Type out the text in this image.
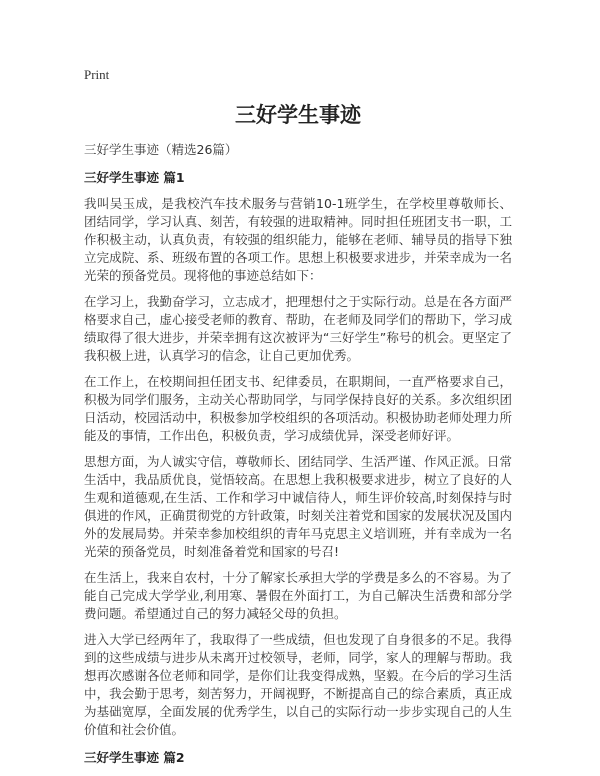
Print
三好学生事迹
三好学生事迹（精选26篇）
三好学生事迹 篇1

我叫吴玉成，是我校汽车技术服务与营销10-1班学生，在学校里尊敬师长、团结同学，学习认真、刻苦，有较强的进取精神。同时担任班团支书一职，工作积极主动，认真负责，有较强的组织能力，能够在老师、辅导员的指导下独立完成院、系、班级布置的各项工作。思想上积极要求进步，并荣幸成为一名光荣的预备党员。现将他的事迹总结如下：

在学习上，我勤奋学习，立志成才，把理想付之于实际行动。总是在各方面严格要求自己，虚心接受老师的教育、帮助，在老师及同学们的帮助下，学习成绩取得了很大进步，并荣幸拥有这次被评为“三好学生”称号的机会。更坚定了我积极上进，认真学习的信念，让自己更加优秀。

在工作上，在校期间担任团支书、纪律委员，在职期间，一直严格要求自己，积极为同学们服务，主动关心帮助同学，与同学保持良好的关系。多次组织团日活动，校园活动中，积极参加学校组织的各项活动。积极协助老师处理力所能及的事情，工作出色，积极负责，学习成绩优异，深受老师好评。

思想方面，为人诚实守信，尊敬师长、团结同学、生活严谨、作风正派。日常生活中，我品质优良，觉悟较高。在思想上我积极要求进步，树立了良好的人生观和道德观,在生活、工作和学习中诚信待人，师生评价较高,时刻保持与时俱进的作风，正确贯彻党的方针政策，时刻关注着党和国家的发展状况及国内外的发展局势。并荣幸参加校组织的青年马克思主义培训班，并有幸成为一名光荣的预备党员，时刻准备着党和国家的号召!

在生活上，我来自农村，十分了解家长承担大学的学费是多么的不容易。为了能自己完成大学学业,利用寒、暑假在外面打工，为自己解决生活费和部分学费问题。希望通过自己的努力减轻父母的负担。

进入大学已经两年了，我取得了一些成绩，但也发现了自身很多的不足。我得到的这些成绩与进步从未离开过校领导，老师，同学，家人的理解与帮助。我想再次感谢各位老师和同学，是你们让我变得成熟，坚毅。在今后的学习生活中，我会勤于思考，刻苦努力，开阔视野，不断提高自己的综合素质，真正成为基础宽厚，全面发展的优秀学生，以自己的实际行动一步步实现自己的人生价值和社会价值。

三好学生事迹 篇2
